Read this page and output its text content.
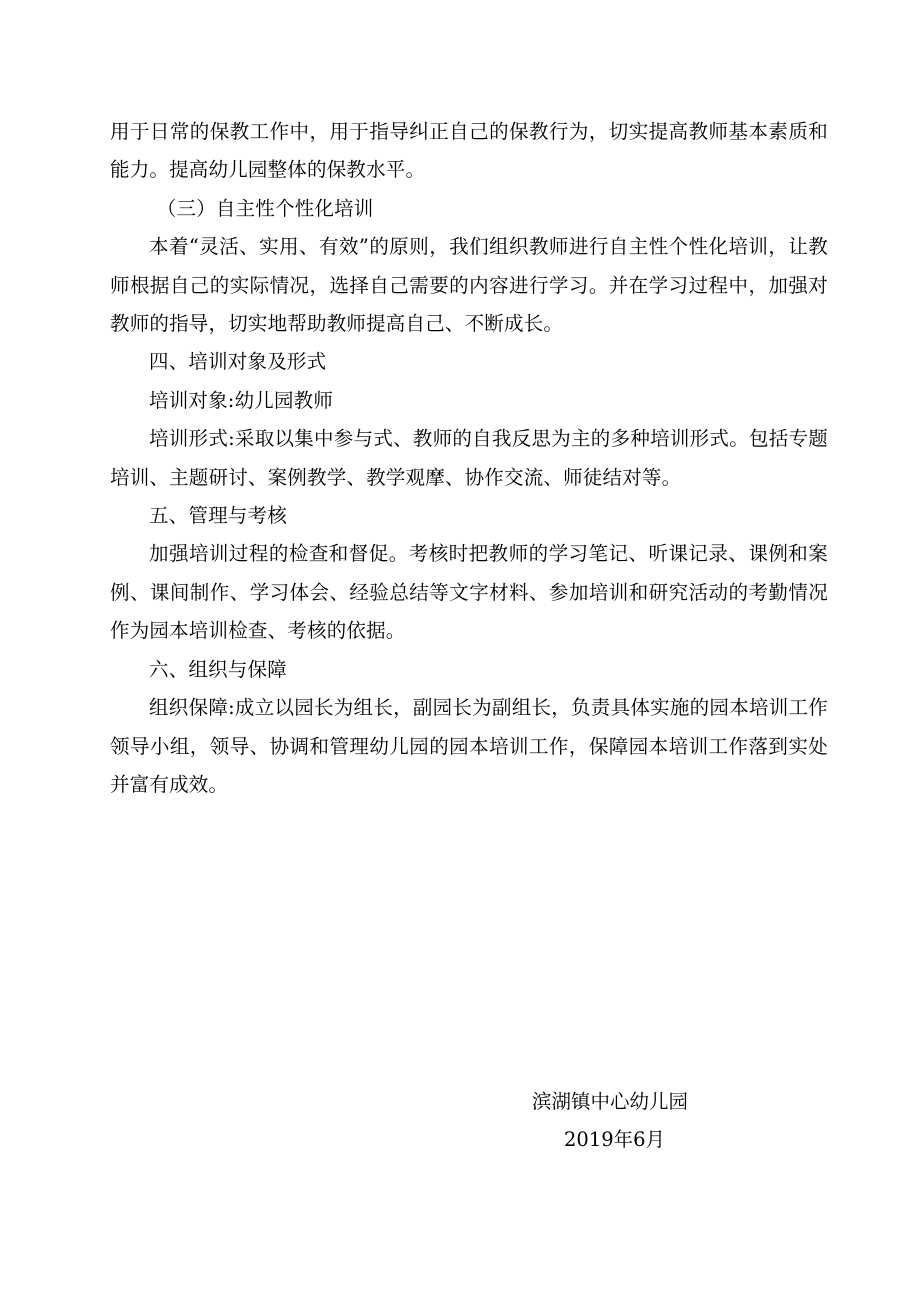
用于日常的保教工作中，用于指导纠正自己的保教行为，切实提高教师基本素质和能力。提高幼儿园整体的保教水平。

（三）自主性个性化培训

本着“灵活、实用、有效”的原则，我们组织教师进行自主性个性化培训，让教师根据自己的实际情况，选择自己需要的内容进行学习。并在学习过程中，加强对教师的指导，切实地帮助教师提高自己、不断成长。

四、培训对象及形式

培训对象:幼儿园教师

培训形式:采取以集中参与式、教师的自我反思为主的多种培训形式。包括专题培训、主题研讨、案例教学、教学观摩、协作交流、师徒结对等。

五、管理与考核

加强培训过程的检查和督促。考核时把教师的学习笔记、听课记录、课例和案例、课间制作、学习体会、经验总结等文字材料、参加培训和研究活动的考勤情况作为园本培训检查、考核的依据。

六、组织与保障

组织保障:成立以园长为组长，副园长为副组长，负责具体实施的园本培训工作领导小组，领导、协调和管理幼儿园的园本培训工作，保障园本培训工作落到实处并富有成效。

滨湖镇中心幼儿园

2019年6月
